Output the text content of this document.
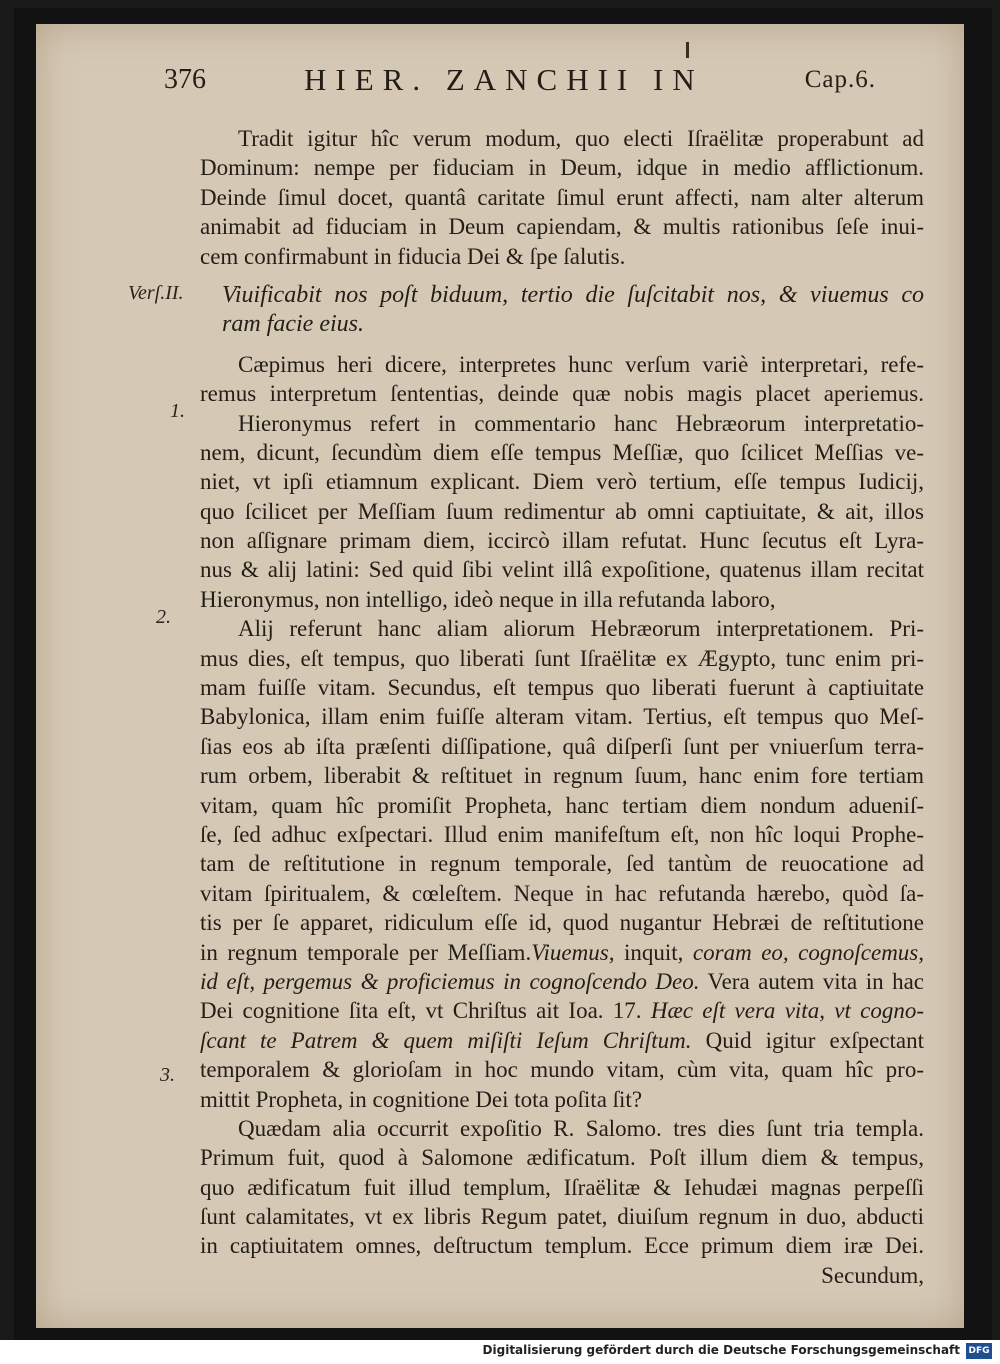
376	HIER. ZANCHII IN	Cap.6.
Verſ.II.
1.
2.
3.
Tradit igitur hîc verum modum, quo electi Iſraëlitæ properabunt ad
Dominum: nempe per fiduciam in Deum, idque in medio afflictionum.
Deinde ſimul docet, quantâ caritate ſimul erunt affecti, nam alter alterum
animabit ad fiduciam in Deum capiendam, & multis rationibus ſeſe inui-
cem confirmabunt in fiducia Dei & ſpe ſalutis.
Viuificabit nos poſt biduum, tertio die ſuſcitabit nos, & viuemus co
ram facie eius.
Cæpimus heri dicere, interpretes hunc verſum variè interpretari, refe-
remus interpretum ſententias, deinde quæ nobis magis placet aperiemus.
Hieronymus refert in commentario hanc Hebræorum interpretatio-
nem, dicunt, ſecundùm diem eſſe tempus Meſſiæ, quo ſcilicet Meſſias ve-
niet, vt ipſi etiamnum explicant. Diem verò tertium, eſſe tempus Iudicij,
quo ſcilicet per Meſſiam ſuum redimentur ab omni captiuitate, & ait, illos
non aſſignare primam diem, iccircò illam refutat. Hunc ſecutus eſt Lyra-
nus & alij latini: Sed quid ſibi velint illâ expoſitione, quatenus illam recitat
Hieronymus, non intelligo, ideò neque in illa refutanda laboro,
Alij referunt hanc aliam aliorum Hebræorum interpretationem. Pri-
mus dies, eſt tempus, quo liberati ſunt Iſraëlitæ ex Ægypto, tunc enim pri-
mam fuiſſe vitam. Secundus, eſt tempus quo liberati fuerunt à captiuitate
Babylonica, illam enim fuiſſe alteram vitam. Tertius, eſt tempus quo Meſ-
ſias eos ab iſta præſenti diſſipatione, quâ diſperſi ſunt per vniuerſum terra-
rum orbem, liberabit & reſtituet in regnum ſuum, hanc enim fore tertiam
vitam, quam hîc promiſit Propheta, hanc tertiam diem nondum adueniſ-
ſe, ſed adhuc exſpectari. Illud enim manifeſtum eſt, non hîc loqui Prophe-
tam de reſtitutione in regnum temporale, ſed tantùm de reuocatione ad
vitam ſpiritualem, & cœleſtem. Neque in hac refutanda hærebo, quòd ſa-
tis per ſe apparet, ridiculum eſſe id, quod nugantur Hebræi de reſtitutione
in regnum temporale per Meſſiam.Viuemus, inquit, coram eo, cognoſcemus,
id eſt, pergemus & proficiemus in cognoſcendo Deo. Vera autem vita in hac
Dei cognitione ſita eſt, vt Chriſtus ait Ioa. 17. Hæc eſt vera vita, vt cogno-
ſcant te Patrem & quem miſiſti Ieſum Chriſtum. Quid igitur exſpectant
temporalem & glorioſam in hoc mundo vitam, cùm vita, quam hîc pro-
mittit Propheta, in cognitione Dei tota poſita ſit?
Quædam alia occurrit expoſitio R. Salomo. tres dies ſunt tria templa.
Primum fuit, quod à Salomone ædificatum. Poſt illum diem & tempus,
quo ædificatum fuit illud templum, Iſraëlitæ & Iehudæi magnas perpeſſi
ſunt calamitates, vt ex libris Regum patet, diuiſum regnum in duo, abducti
in captiuitatem omnes, deſtructum templum. Ecce primum diem iræ Dei.
Secundum,
Digitalisierung gefördert durch die Deutsche Forschungsgemeinschaft DFG
